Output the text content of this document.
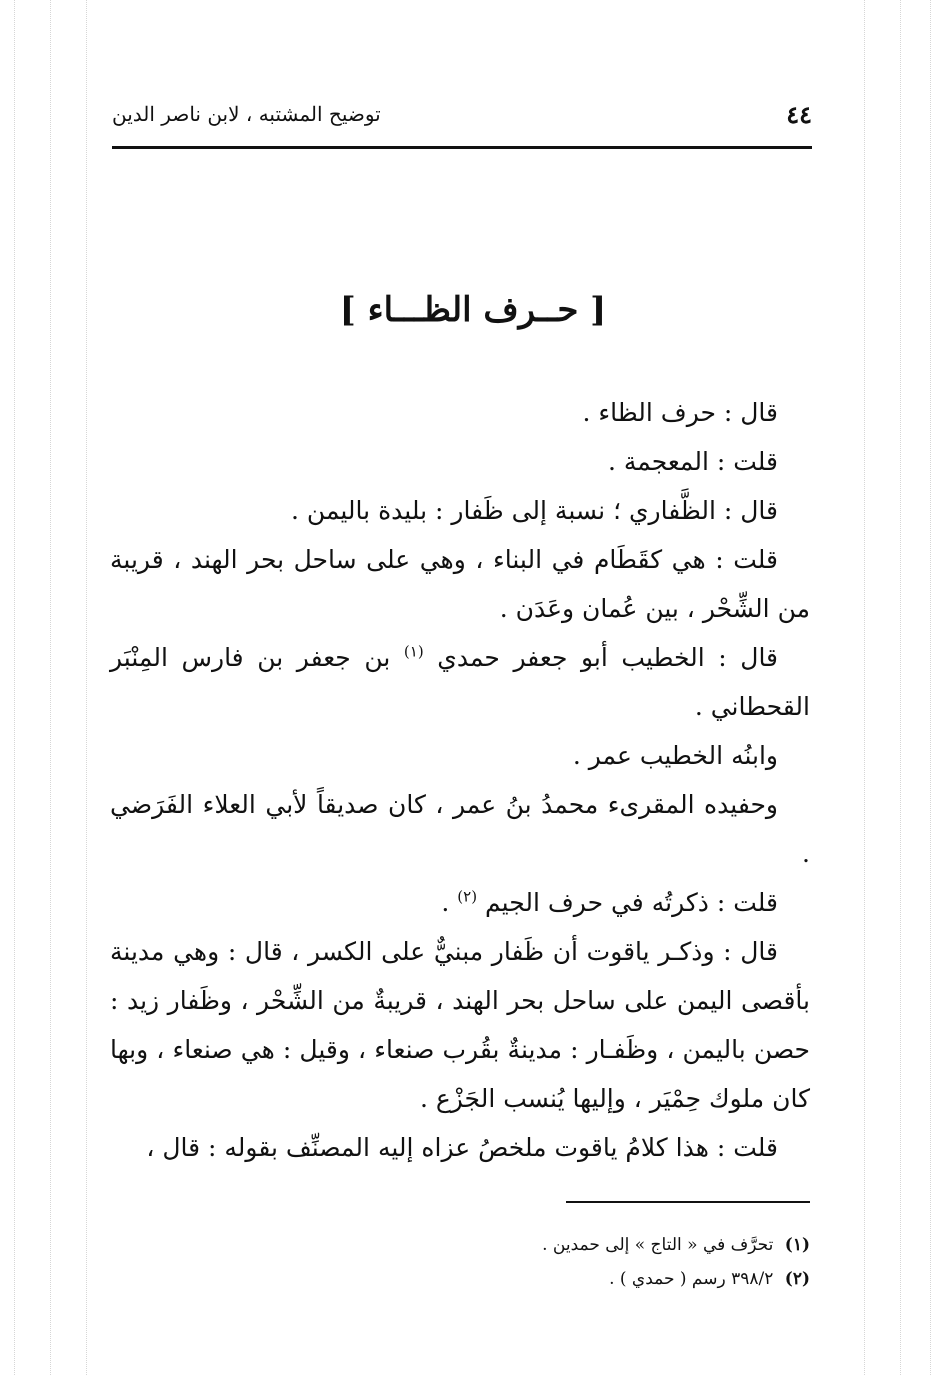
٤٤
توضيح المشتبه ، لابن ناصر الدين
[ حــرف الظـــاء ]

قال : حرف الظاء .

قلت : المعجمة .

قال : الظَّفاري ؛ نسبة إلى ظَفار : بليدة باليمن .

قلت : هي كقَطَام في البناء ، وهي على ساحل بحر الهند ، قريبة من الشِّحْر ، بين عُمان وعَدَن .

قال : الخطيب أبو جعفر حمدي $^{(١)}$ بن جعفر بن فارس المِنْبَر القحطاني .

وابنُه الخطيب عمر .

وحفيده المقرىء محمدُ بنُ عمر ، كان صديقاً لأبي العلاء الفَرَضي .

قلت : ذكرتُه في حرف الجيم $^{(٢)}$ .

قال : وذكـر ياقوت أن ظَفار مبنيٌّ على الكسر ، قال : وهي مدينة بأقصى اليمن على ساحل بحر الهند ، قريبةٌ من الشِّحْر ، وظَفار زيد : حصن باليمن ، وظَفـار : مدينةٌ بقُرب صنعاء ، وقيل : هي صنعاء ، وبها كان ملوك حِمْيَر ، وإليها يُنسب الجَزْع .

قلت : هذا كلامُ ياقوت ملخصُ عزاه إليه المصنِّف بقوله : قال ،

(١) تحرَّف في « التاج » إلى حمدين .
(٢) ٣٩٨/٢ رسم ( حمدي ) .
